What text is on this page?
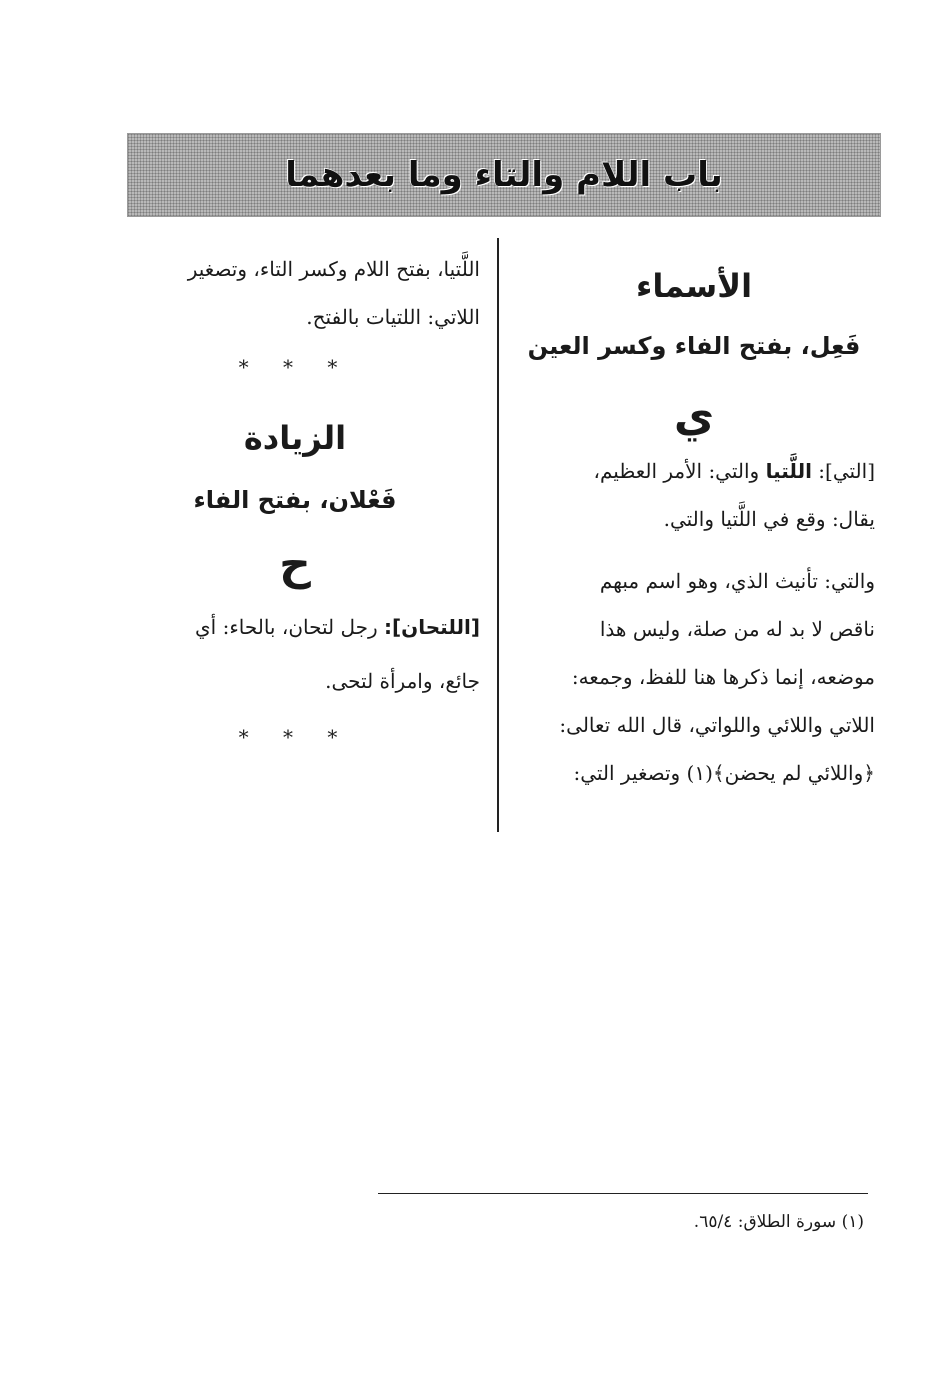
باب اللام والتاء وما بعدهما
الأسماء
فَعِل، بفتح الفاء وكسر العين
ي
[التي]: اللَّتيا والتي: الأمر العظيم،
يقال: وقع في اللَّتيا والتي.
والتي: تأنيث الذي، وهو اسم مبهم
ناقص لا بد له من صلة، وليس هذا
موضعه، إنما ذكرها هنا للفظ، وجمعه:
اللاتي واللائي واللواتي، قال الله تعالى:
﴿واللائي لم يحضن﴾(١) وتصغير التي:
اللَّتيا، بفتح اللام وكسر التاء، وتصغير
اللاتي: اللتيات بالفتح.
* * *
الزيادة
فَعْلان، بفتح الفاء
ح
[اللتحان]: رجل لتحان، بالحاء: أي
جائع، وامرأة لتحى.
* * *
(١) سورة الطلاق: ٦٥/٤.
